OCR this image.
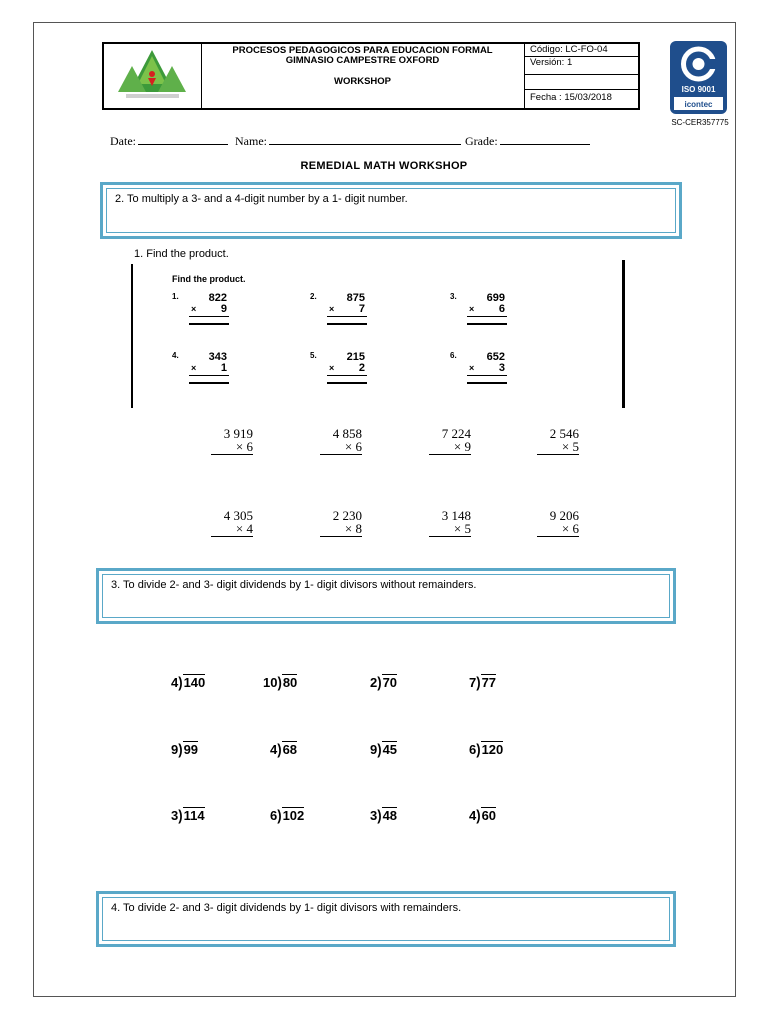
PROCESOS PEDAGOGICOS PARA EDUCACION FORMAL
GIMNASIO CAMPESTRE OXFORD
WORKSHOP
Código: LC-FO-04
Versión: 1
Fecha : 15/03/2018
ISO 9001
icontec
SC-CER357775
Date:	Name:	Grade:
REMEDIAL MATH WORKSHOP
2. To multiply a 3- and a 4-digit number by a 1- digit number.
1. Find the product.
Find the product.
1.	822
× 9
2.	875
× 7
3.	699
× 6
4.	343
× 1
5.	215
× 2
6.	652
× 3
3 919
× 6
4 858
× 6
7 224
× 9
2 546
× 5
4 305
× 4
2 230
× 8
3 148
× 5
9 206
× 6
3. To divide 2- and 3- digit dividends by 1- digit divisors without remainders.
4)140	10)80	2)70	7)77
9)99	4)68	9)45	6)120
3)114	6)102	3)48	4)60
4. To divide 2- and 3- digit dividends by 1- digit divisors with remainders.
